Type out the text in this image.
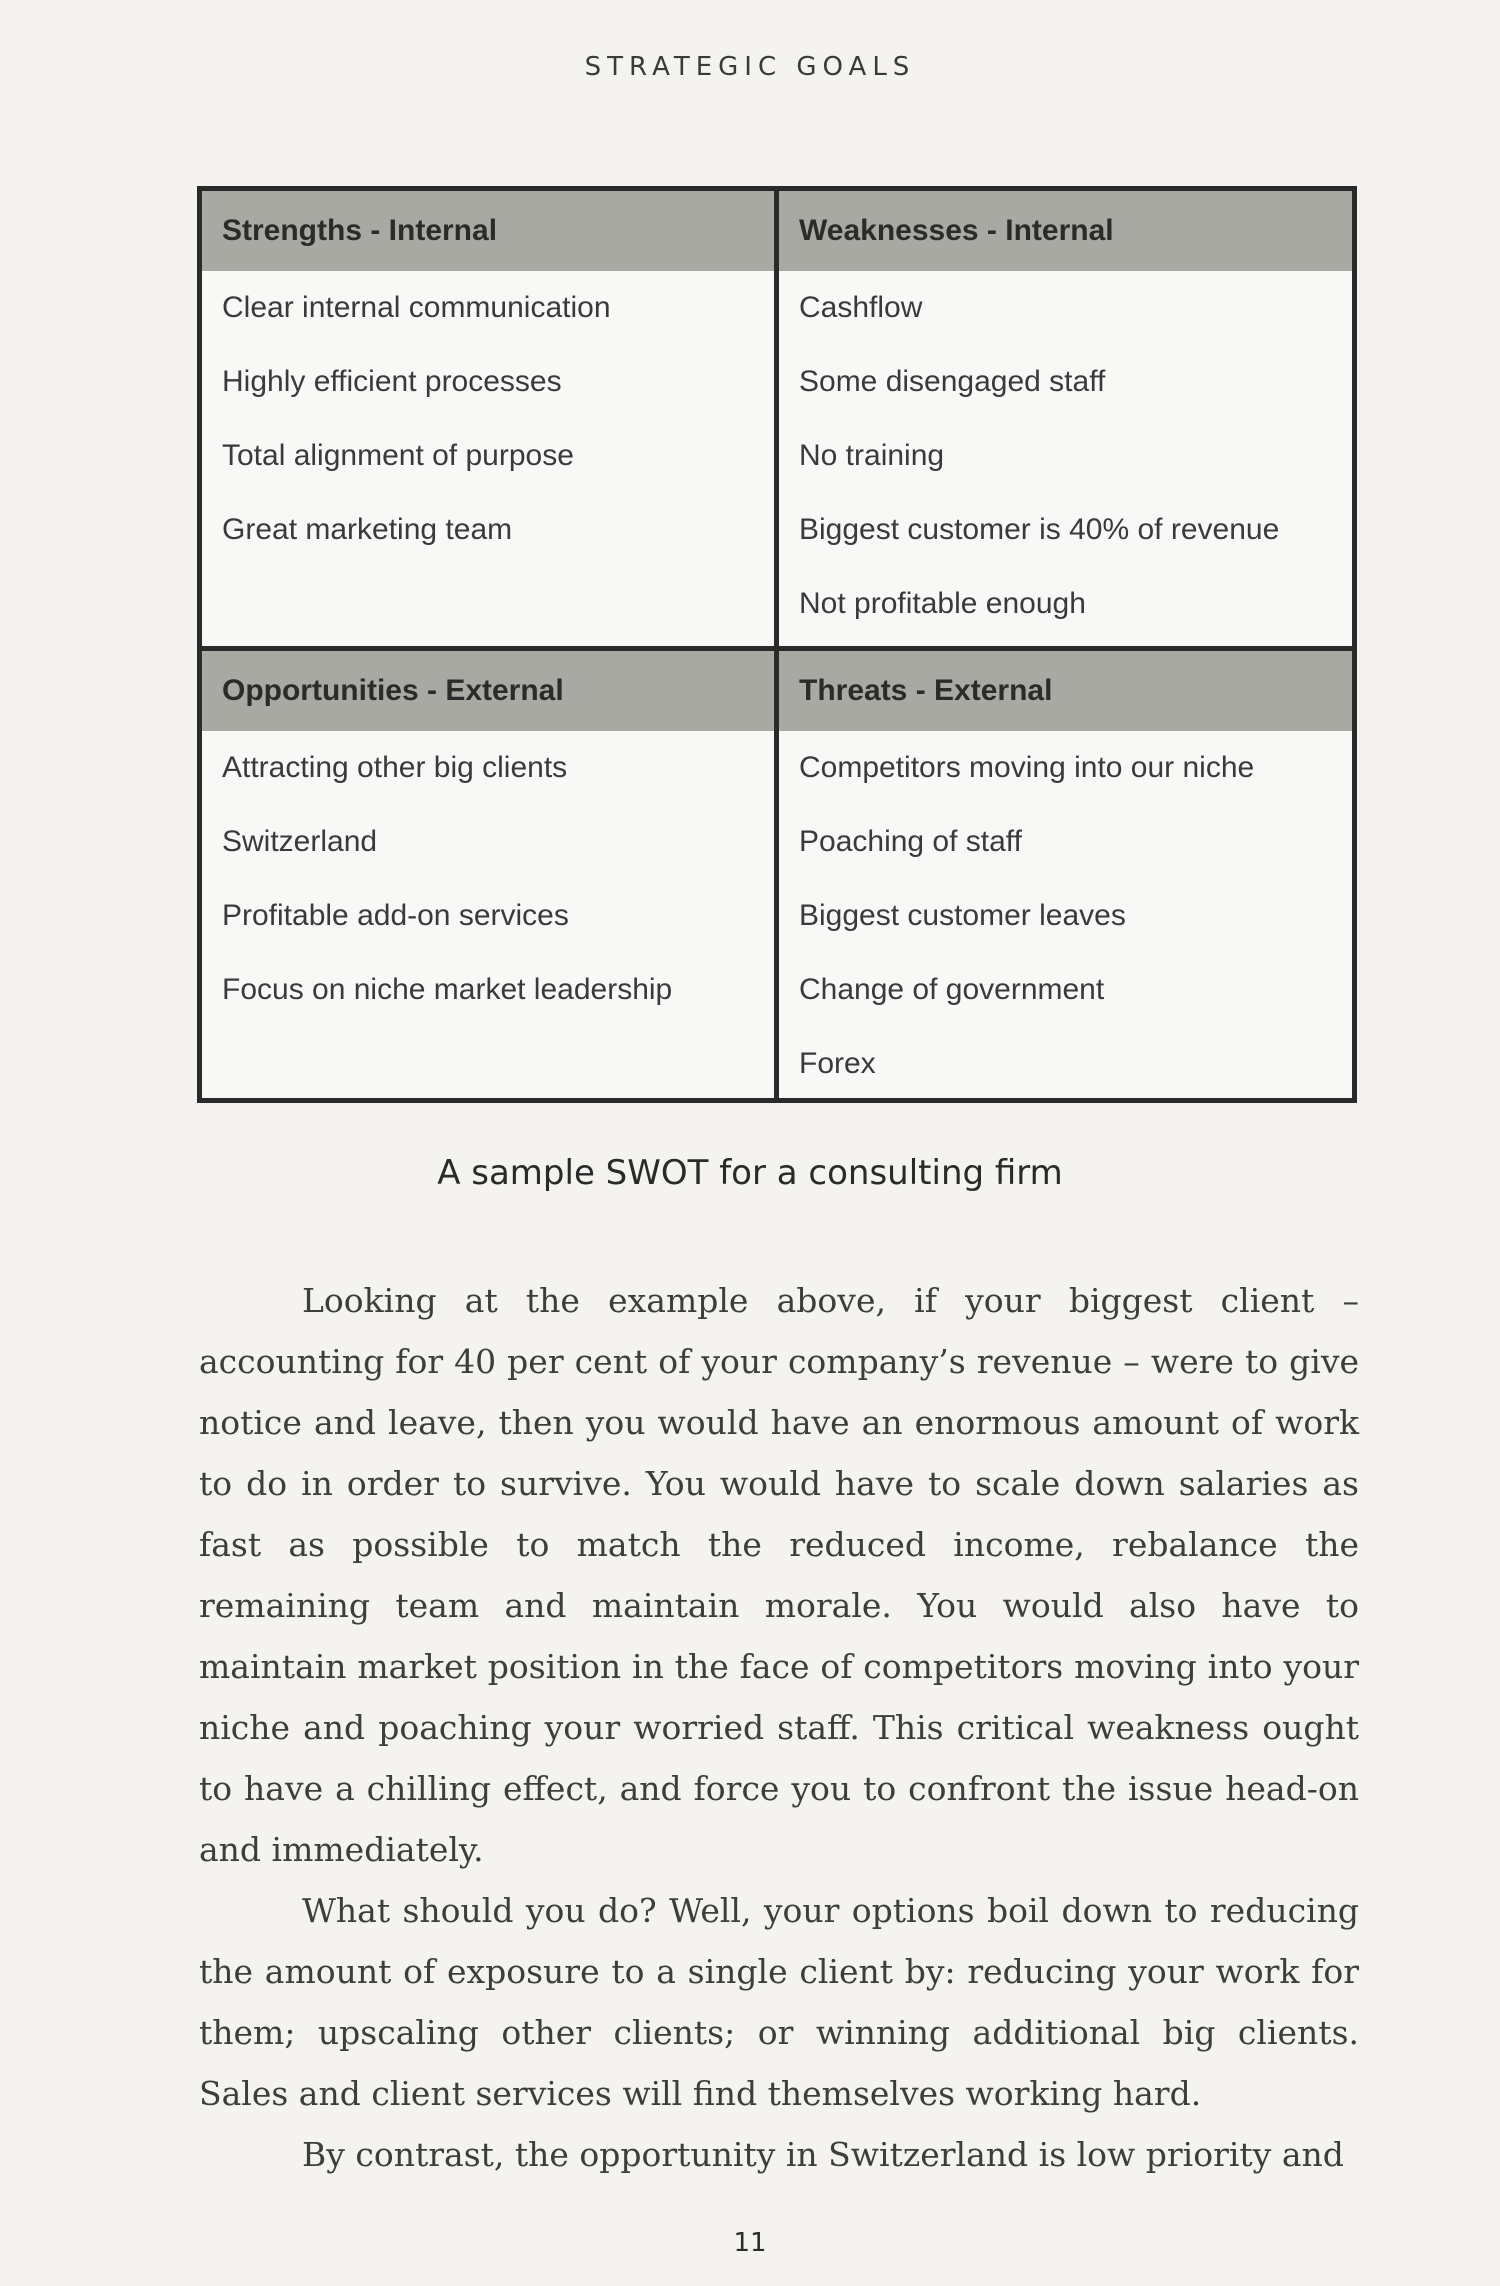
STRATEGIC GOALS
Strengths - Internal
Clear internal communication
Highly efficient processes
Total alignment of purpose
Great marketing team
Weaknesses - Internal
Cashflow
Some disengaged staff
No training
Biggest customer is 40% of revenue
Not profitable enough
Opportunities - External
Attracting other big clients
Switzerland
Profitable add-on services
Focus on niche market leadership
Threats - External
Competitors moving into our niche
Poaching of staff
Biggest customer leaves
Change of government
Forex
A sample SWOT for a consulting firm

Looking at the example above, if your biggest client – accounting for 40 per cent of your company’s revenue – were to give notice and leave, then you would have an enormous amount of work to do in order to survive. You would have to scale down salaries as fast as possible to match the reduced income, rebalance the remaining team and maintain morale. You would also have to maintain market position in the face of competitors moving into your niche and poaching your worried staff. This critical weakness ought to have a chilling effect, and force you to confront the issue head-on and immediately.

What should you do? Well, your options boil down to reducing the amount of exposure to a single client by: reducing your work for them; upscaling other clients; or winning additional big clients. Sales and client services will find themselves working hard.

By contrast, the opportunity in Switzerland is low priority and

11
